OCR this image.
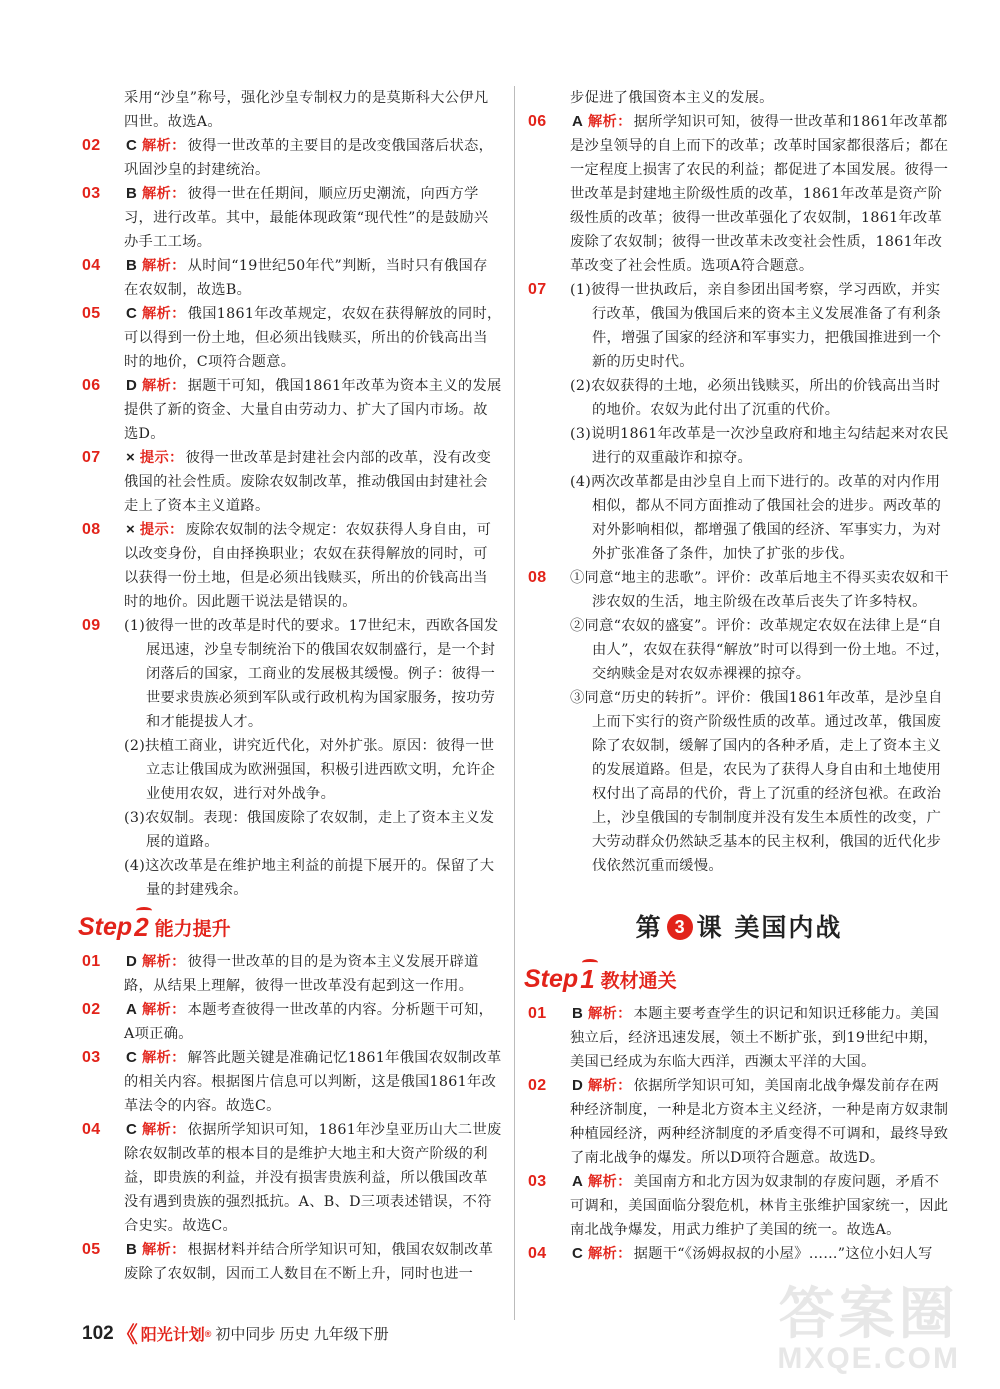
采用“沙皇”称号，强化沙皇专制权力的是莫斯科大公伊凡四世。故选A。
02 C 解析： 彼得一世改革的主要目的是改变俄国落后状态，巩固沙皇的封建统治。
03 B 解析： 彼得一世在任期间，顺应历史潮流，向西方学习，进行改革。其中，最能体现政策“现代性”的是鼓励兴办手工工场。
04 B 解析： 从时间“19世纪50年代”判断，当时只有俄国存在农奴制，故选B。
05 C 解析： 俄国1861年改革规定，农奴在获得解放的同时，可以得到一份土地，但必须出钱赎买，所出的价钱高出当时的地价，C项符合题意。
06 D 解析： 据题干可知，俄国1861年改革为资本主义的发展提供了新的资金、大量自由劳动力、扩大了国内市场。故选D。
07 × 提示： 彼得一世改革是封建社会内部的改革，没有改变俄国的社会性质。废除农奴制改革，推动俄国由封建社会走上了资本主义道路。
08 × 提示： 废除农奴制的法令规定：农奴获得人身自由，可以改变身份，自由择换职业；农奴在获得解放的同时，可以获得一份土地，但是必须出钱赎买，所出的价钱高出当时的地价。因此题干说法是错误的。
09 (1)彼得一世的改革是时代的要求。17世纪末，西欧各国发展迅速，沙皇专制统治下的俄国农奴制盛行，是一个封闭落后的国家，工商业的发展极其缓慢。例子：彼得一世要求贵族必须到军队或行政机构为国家服务，按功劳和才能提拔人才。
(2)扶植工商业，讲究近代化，对外扩张。原因：彼得一世立志让俄国成为欧洲强国，积极引进西欧文明，允许企业使用农奴，进行对外战争。
(3)农奴制。表现：俄国废除了农奴制，走上了资本主义发展的道路。
(4)这次改革是在维护地主利益的前提下展开的。保留了大量的封建残余。
Step 2 能力提升
01 D 解析： 彼得一世改革的目的是为资本主义发展开辟道路，从结果上理解，彼得一世改革没有起到这一作用。
02 A 解析： 本题考查彼得一世改革的内容。分析题干可知，A项正确。
03 C 解析： 解答此题关键是准确记忆1861年俄国农奴制改革的相关内容。根据图片信息可以判断，这是俄国1861年改革法令的内容。故选C。
04 C 解析： 依据所学知识可知，1861年沙皇亚历山大二世废除农奴制改革的根本目的是维护大地主和大资产阶级的利益，即贵族的利益，并没有损害贵族利益，所以俄国改革没有遇到贵族的强烈抵抗。A、B、D三项表述错误，不符合史实。故选C。
05 B 解析： 根据材料并结合所学知识可知，俄国农奴制改革废除了农奴制，因而工人数目在不断上升，同时也进一
步促进了俄国资本主义的发展。
06 A 解析： 据所学知识可知，彼得一世改革和1861年改革都是沙皇领导的自上而下的改革；改革时国家都很落后；都在一定程度上损害了农民的利益；都促进了本国发展。彼得一世改革是封建地主阶级性质的改革，1861年改革是资产阶级性质的改革；彼得一世改革强化了农奴制，1861年改革废除了农奴制；彼得一世改革未改变社会性质，1861年改革改变了社会性质。选项A符合题意。
07 (1)彼得一世执政后，亲自参团出国考察，学习西欧，并实行改革，俄国为俄国后来的资本主义发展准备了有利条件，增强了国家的经济和军事实力，把俄国推进到一个新的历史时代。
(2)农奴获得的土地，必须出钱赎买，所出的价钱高出当时的地价。农奴为此付出了沉重的代价。
(3)说明1861年改革是一次沙皇政府和地主勾结起来对农民进行的双重敲诈和掠夺。
(4)两次改革都是由沙皇自上而下进行的。改革的对内作用相似，都从不同方面推动了俄国社会的进步。两改革的对外影响相似，都增强了俄国的经济、军事实力，为对外扩张准备了条件，加快了扩张的步伐。
08 ①同意“地主的悲歌”。评价：改革后地主不得买卖农奴和干涉农奴的生活，地主阶级在改革后丧失了许多特权。
②同意“农奴的盛宴”。评价：改革规定农奴在法律上是“自由人”，农奴在获得“解放”时可以得到一份土地。不过，交纳赎金是对农奴赤裸裸的掠夺。
③同意“历史的转折”。评价：俄国1861年改革，是沙皇自上而下实行的资产阶级性质的改革。通过改革，俄国废除了农奴制，缓解了国内的各种矛盾，走上了资本主义的发展道路。但是，农民为了获得人身自由和土地使用权付出了高昂的代价，背上了沉重的经济包袱。在政治上，沙皇俄国的专制制度并没有发生本质性的改变，广大劳动群众仍然缺乏基本的民主权利，俄国的近代化步伐依然沉重而缓慢。
第 3 课 美国内战
Step 1 教材通关
01 B 解析： 本题主要考查学生的识记和知识迁移能力。美国独立后，经济迅速发展，领土不断扩张，到19世纪中期，美国已经成为东临大西洋，西濒太平洋的大国。
02 D 解析： 依据所学知识可知，美国南北战争爆发前存在两种经济制度，一种是北方资本主义经济，一种是南方奴隶制种植园经济，两种经济制度的矛盾变得不可调和，最终导致了南北战争的爆发。所以D项符合题意。故选D。
03 A 解析： 美国南方和北方因为奴隶制的存废问题，矛盾不可调和，美国面临分裂危机，林肯主张维护国家统一，因此南北战争爆发，用武力维护了美国的统一。故选A。
04 C 解析： 据题干“《汤姆叔叔的小屋》……”这位小妇人写
102 《 阳光计划 ® 初中同步 历史 九年级下册	答案圈
MXQE.COM
